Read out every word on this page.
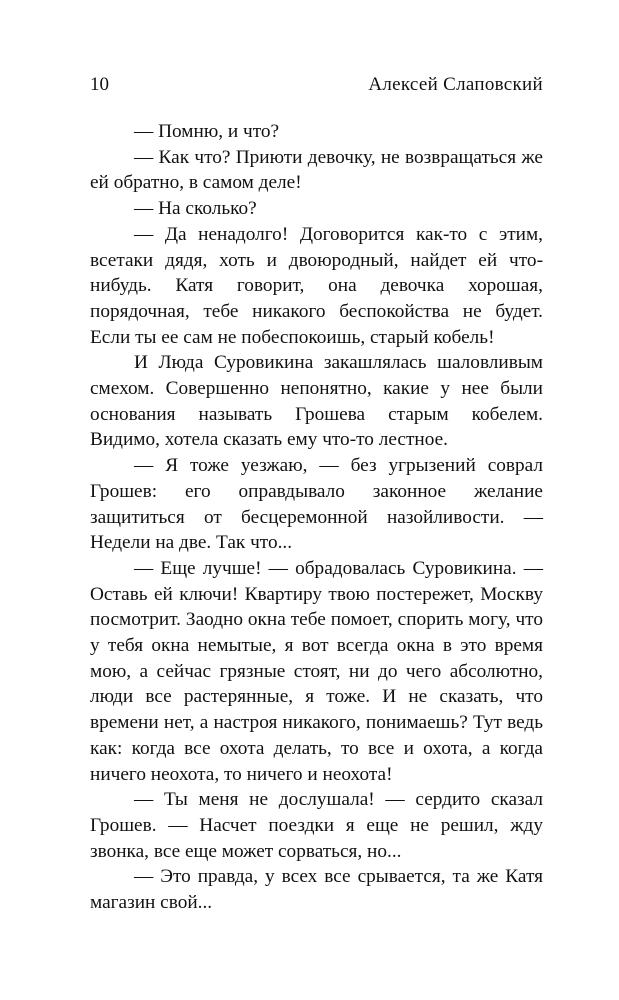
10	Алексей Слаповский

— Помню, и что?

— Как что? Приюти девочку, не возвращаться же ей обратно, в самом деле!

— На сколько?

— Да ненадолго! Договорится как-то с этим, всетаки дядя, хоть и двоюродный, найдет ей что-нибудь. Катя говорит, она девочка хорошая, порядочная, тебе никакого беспокойства не будет. Если ты ее сам не побеспокоишь, старый кобель!

И Люда Суровикина закашлялась шаловливым смехом. Совершенно непонятно, какие у нее были основания называть Грошева старым кобелем. Видимо, хотела сказать ему что-то лестное.

— Я тоже уезжаю, — без угрызений соврал Грошев: его оправдывало законное желание защититься от бесцеремонной назойливости. — Недели на две. Так что...

— Еще лучше! — обрадовалась Суровикина. — Оставь ей ключи! Квартиру твою постережет, Москву посмотрит. Заодно окна тебе помоет, спорить могу, что у тебя окна немытые, я вот всегда окна в это время мою, а сейчас грязные стоят, ни до чего абсолютно, люди все растерянные, я тоже. И не сказать, что времени нет, а настроя никакого, понимаешь? Тут ведь как: когда все охота делать, то все и охота, а когда ничего неохота, то ничего и неохота!

— Ты меня не дослушала! — сердито сказал Грошев. — Насчет поездки я еще не решил, жду звонка, все еще может сорваться, но...

— Это правда, у всех все срывается, та же Катя магазин свой...
